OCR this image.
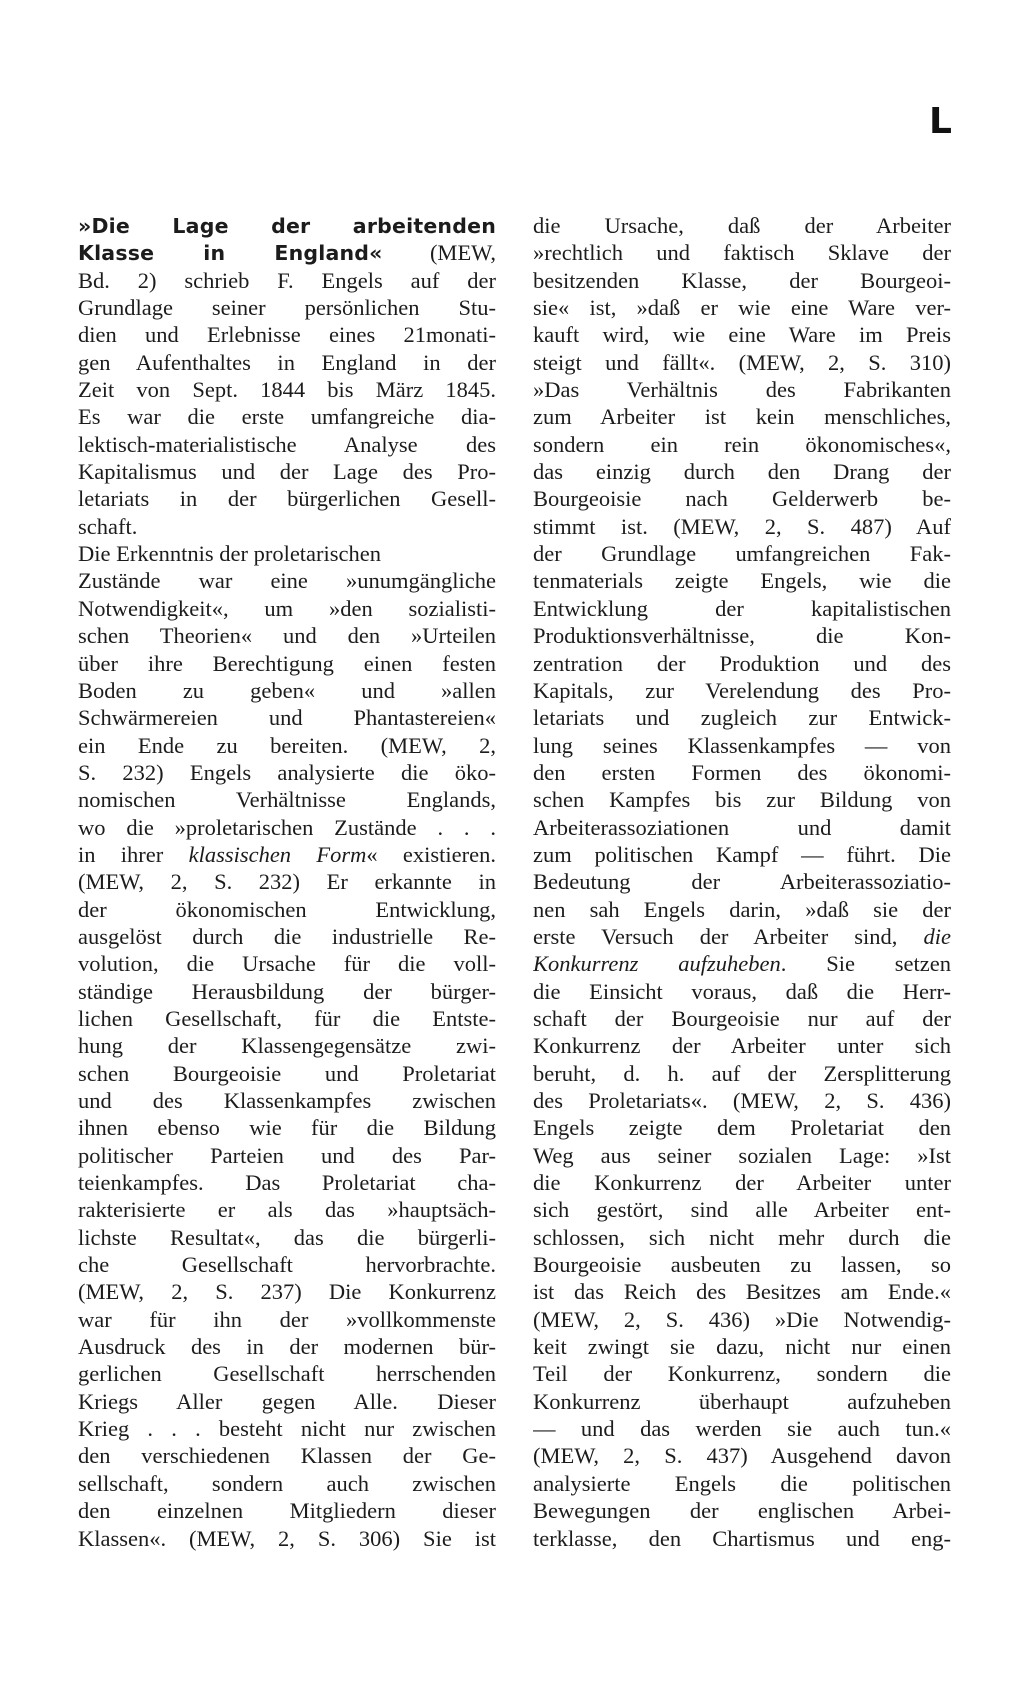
L
»Die Lage der arbeitenden
Klasse in England« (MEW,
Bd. 2) schrieb F. Engels auf der
Grundlage seiner persönlichen Stu-
dien und Erlebnisse eines 21monati-
gen Aufenthaltes in England in der
Zeit von Sept. 1844 bis März 1845.
Es war die erste umfangreiche dia-
lektisch-materialistische Analyse des
Kapitalismus und der Lage des Pro-
letariats in der bürgerlichen Gesell-
schaft.
Die Erkenntnis der proletarischen
Zustände war eine »unumgängliche
Notwendigkeit«, um »den sozialisti-
schen Theorien« und den »Urteilen
über ihre Berechtigung einen festen
Boden zu geben« und »allen
Schwärmereien und Phantastereien«
ein Ende zu bereiten. (MEW, 2,
S. 232) Engels analysierte die öko-
nomischen Verhältnisse Englands,
wo die »proletarischen Zustände . . .
in ihrer klassischen Form« existieren.
(MEW, 2, S. 232) Er erkannte in
der ökonomischen Entwicklung,
ausgelöst durch die industrielle Re-
volution, die Ursache für die voll-
ständige Herausbildung der bürger-
lichen Gesellschaft, für die Entste-
hung der Klassengegensätze zwi-
schen Bourgeoisie und Proletariat
und des Klassenkampfes zwischen
ihnen ebenso wie für die Bildung
politischer Parteien und des Par-
teienkampfes. Das Proletariat cha-
rakterisierte er als das »hauptsäch-
lichste Resultat«, das die bürgerli-
che Gesellschaft hervorbrachte.
(MEW, 2, S. 237) Die Konkurrenz
war für ihn der »vollkommenste
Ausdruck des in der modernen bür-
gerlichen Gesellschaft herrschenden
Kriegs Aller gegen Alle. Dieser
Krieg . . . besteht nicht nur zwischen
den verschiedenen Klassen der Ge-
sellschaft, sondern auch zwischen
den einzelnen Mitgliedern dieser
Klassen«. (MEW, 2, S. 306) Sie ist
die Ursache, daß der Arbeiter
»rechtlich und faktisch Sklave der
besitzenden Klasse, der Bourgeoi-
sie« ist, »daß er wie eine Ware ver-
kauft wird, wie eine Ware im Preis
steigt und fällt«. (MEW, 2, S. 310)
»Das Verhältnis des Fabrikanten
zum Arbeiter ist kein menschliches,
sondern ein rein ökonomisches«,
das einzig durch den Drang der
Bourgeoisie nach Gelderwerb be-
stimmt ist. (MEW, 2, S. 487) Auf
der Grundlage umfangreichen Fak-
tenmaterials zeigte Engels, wie die
Entwicklung der kapitalistischen
Produktionsverhältnisse, die Kon-
zentration der Produktion und des
Kapitals, zur Verelendung des Pro-
letariats und zugleich zur Entwick-
lung seines Klassenkampfes — von
den ersten Formen des ökonomi-
schen Kampfes bis zur Bildung von
Arbeiterassoziationen und damit
zum politischen Kampf — führt. Die
Bedeutung der Arbeiterassoziatio-
nen sah Engels darin, »daß sie der
erste Versuch der Arbeiter sind, die
Konkurrenz aufzuheben. Sie setzen
die Einsicht voraus, daß die Herr-
schaft der Bourgeoisie nur auf der
Konkurrenz der Arbeiter unter sich
beruht, d. h. auf der Zersplitterung
des Proletariats«. (MEW, 2, S. 436)
Engels zeigte dem Proletariat den
Weg aus seiner sozialen Lage: »Ist
die Konkurrenz der Arbeiter unter
sich gestört, sind alle Arbeiter ent-
schlossen, sich nicht mehr durch die
Bourgeoisie ausbeuten zu lassen, so
ist das Reich des Besitzes am Ende.«
(MEW, 2, S. 436) »Die Notwendig-
keit zwingt sie dazu, nicht nur einen
Teil der Konkurrenz, sondern die
Konkurrenz überhaupt aufzuheben
— und das werden sie auch tun.«
(MEW, 2, S. 437) Ausgehend davon
analysierte Engels die politischen
Bewegungen der englischen Arbei-
terklasse, den Chartismus und eng-
